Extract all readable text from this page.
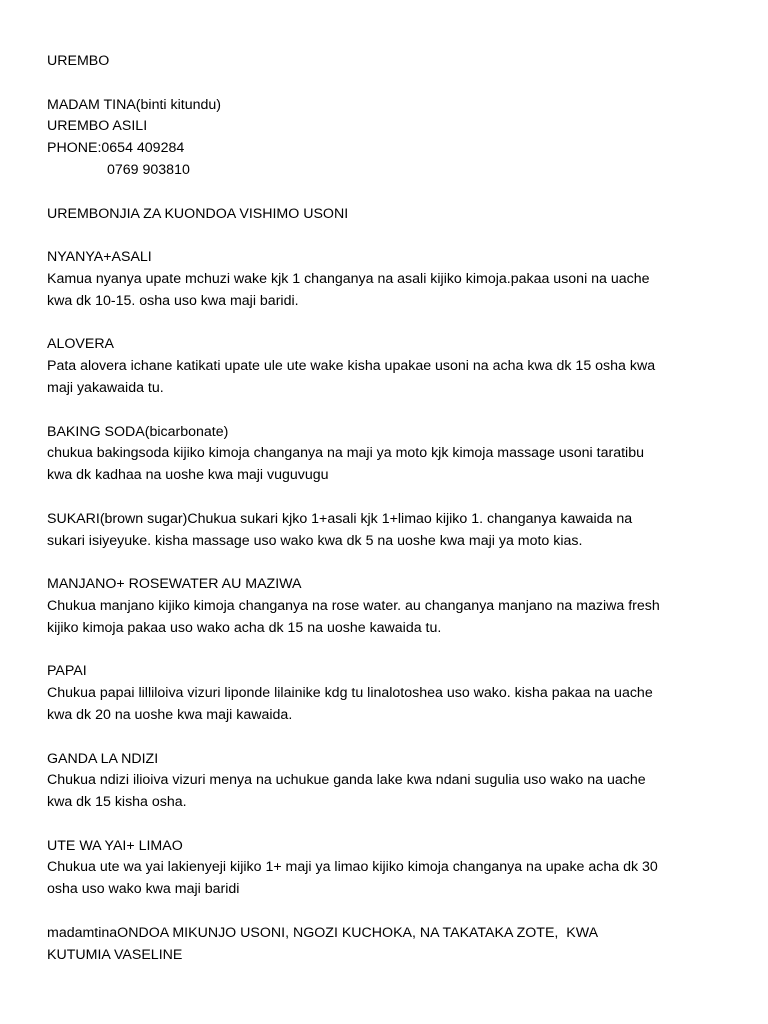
UREMBO
MADAM TINA(binti kitundu)
UREMBO ASILI
PHONE:0654 409284
0769 903810
UREMBONJIA ZA KUONDOA VISHIMO USONI
NYANYA+ASALI
Kamua nyanya upate mchuzi wake kjk 1 changanya na asali kijiko kimoja.pakaa usoni na uache
kwa dk 10-15. osha uso kwa maji baridi.
ALOVERA
Pata alovera ichane katikati upate ule ute wake kisha upakae usoni na acha kwa dk 15 osha kwa
maji yakawaida tu.
BAKING SODA(bicarbonate)
chukua bakingsoda kijiko kimoja changanya na maji ya moto kjk kimoja massage usoni taratibu
kwa dk kadhaa na uoshe kwa maji vuguvugu
SUKARI(brown sugar)Chukua sukari kjko 1+asali kjk 1+limao kijiko 1. changanya kawaida na
sukari isiyeyuke. kisha massage uso wako kwa dk 5 na uoshe kwa maji ya moto kias.
MANJANO+ ROSEWATER AU MAZIWA
Chukua manjano kijiko kimoja changanya na rose water. au changanya manjano na maziwa fresh
kijiko kimoja pakaa uso wako acha dk 15 na uoshe kawaida tu.
PAPAI
Chukua papai lilliloiva vizuri liponde lilainike kdg tu linalotoshea uso wako. kisha pakaa na uache
kwa dk 20 na uoshe kwa maji kawaida.
GANDA LA NDIZI
Chukua ndizi ilioiva vizuri menya na uchukue ganda lake kwa ndani sugulia uso wako na uache
kwa dk 15 kisha osha.
UTE WA YAI+ LIMAO
Chukua ute wa yai lakienyeji kijiko 1+ maji ya limao kijiko kimoja changanya na upake acha dk 30
osha uso wako kwa maji baridi
madamtinaONDOA MIKUNJO USONI, NGOZI KUCHOKA, NA TAKATAKA ZOTE,  KWA
KUTUMIA VASELINE
